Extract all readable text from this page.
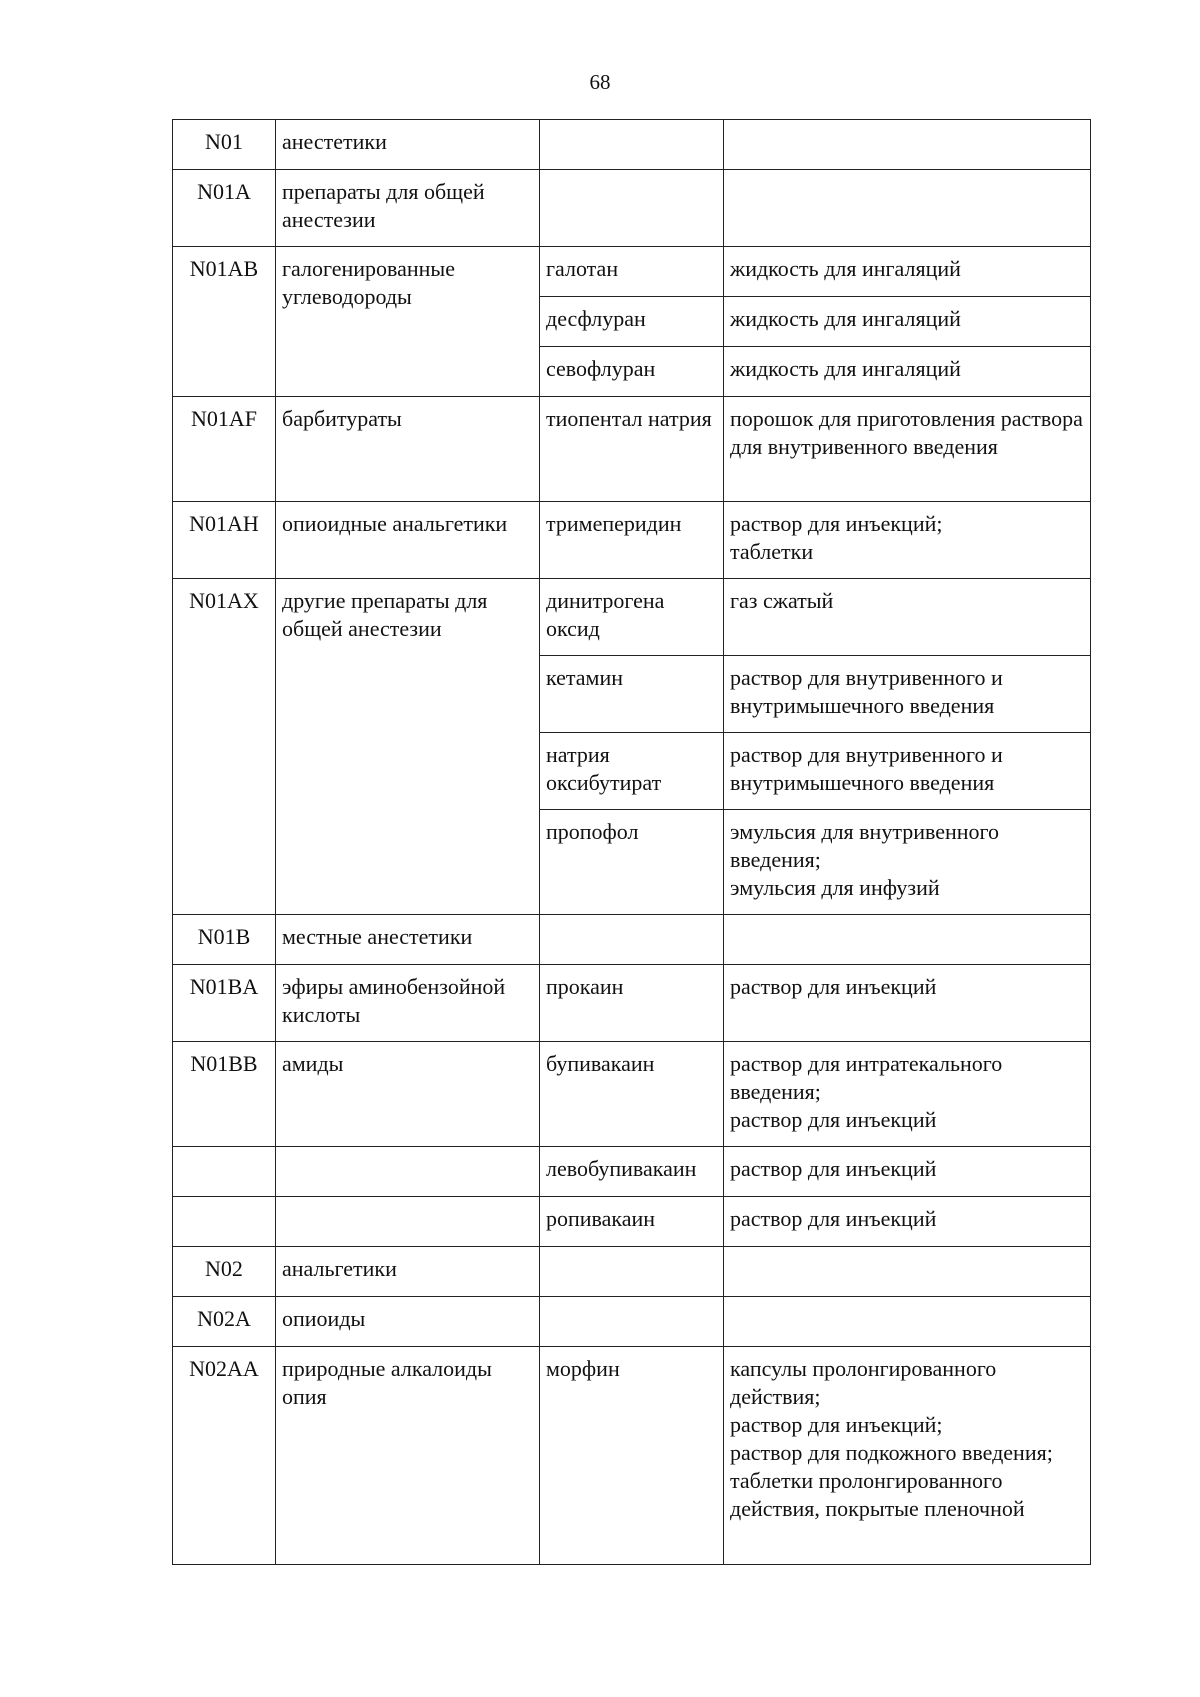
68
N01	анестетики		

N01A	препараты для общей анестезии		

N01AB	галогенированные углеводороды	галотан	жидкость для ингаляций

		десфлуран	жидкость для ингаляций

		севофлуран	жидкость для ингаляций

N01AF	барбитураты	тиопентал натрия	порошок для приготовления раствора для внутривенного введения

N01AH	опиоидные анальгетики	тримеперидин	раствор для инъекций;
таблетки

N01AX	другие препараты для общей анестезии	динитрогена оксид	газ сжатый

		кетамин	раствор для внутривенного и внутримышечного введения

		натрия оксибутират	раствор для внутривенного и внутримышечного введения

		пропофол	эмульсия для внутривенного введения;
эмульсия для инфузий

N01B	местные анестетики		

N01BA	эфиры аминобензойной кислоты	прокаин	раствор для инъекций

N01BB	амиды	бупивакаин	раствор для интратекального введения;
раствор для инъекций

		левобупивакаин	раствор для инъекций

		ропивакаин	раствор для инъекций

N02	анальгетики		

N02A	опиоиды		

N02AA	природные алкалоиды опия	морфин	капсулы пролонгированного действия;
раствор для инъекций;
раствор для подкожного введения;
таблетки пролонгированного действия, покрытые пленочной
